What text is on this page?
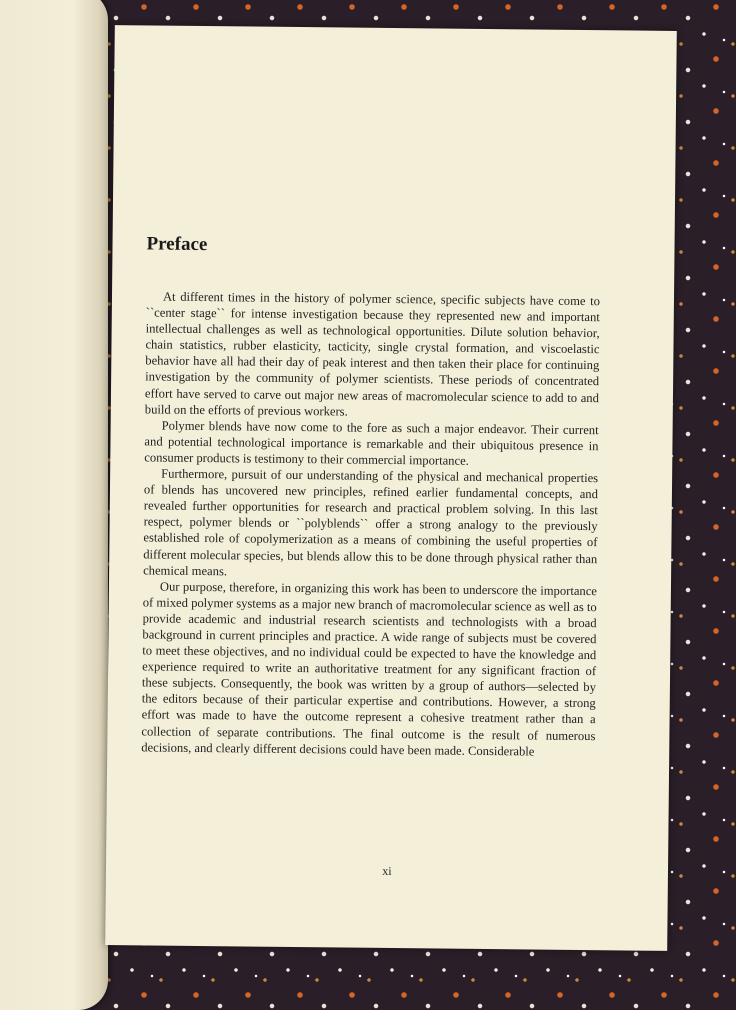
Preface

At different times in the history of polymer science, specific subjects have come to ``center stage`` for intense investigation because they represented new and important intellectual challenges as well as technological opportunities. Dilute solution behavior, chain statistics, rubber elasticity, tacticity, single crystal formation, and viscoelastic behavior have all had their day of peak interest and then taken their place for continuing investigation by the community of polymer scientists. These periods of concentrated effort have served to carve out major new areas of macromolecular science to add to and build on the efforts of previous workers.

Polymer blends have now come to the fore as such a major endeavor. Their current and potential technological importance is remarkable and their ubiquitous presence in consumer products is testimony to their commercial importance.

Furthermore, pursuit of our understanding of the physical and mechanical properties of blends has uncovered new principles, refined earlier fundamental concepts, and revealed further opportunities for research and practical problem solving. In this last respect, polymer blends or ``polyblends`` offer a strong analogy to the previously established role of copolymerization as a means of combining the useful properties of different molecular species, but blends allow this to be done through physical rather than chemical means.

Our purpose, therefore, in organizing this work has been to underscore the importance of mixed polymer systems as a major new branch of macromolecular science as well as to provide academic and industrial research scientists and technologists with a broad background in current principles and practice. A wide range of subjects must be covered to meet these objectives, and no individual could be expected to have the knowledge and experience required to write an authoritative treatment for any significant fraction of these subjects. Consequently, the book was written by a group of authors—selected by the editors because of their particular expertise and contributions. However, a strong effort was made to have the outcome represent a cohesive treatment rather than a collection of separate contributions. The final outcome is the result of numerous decisions, and clearly different decisions could have been made. Considerable

xi
